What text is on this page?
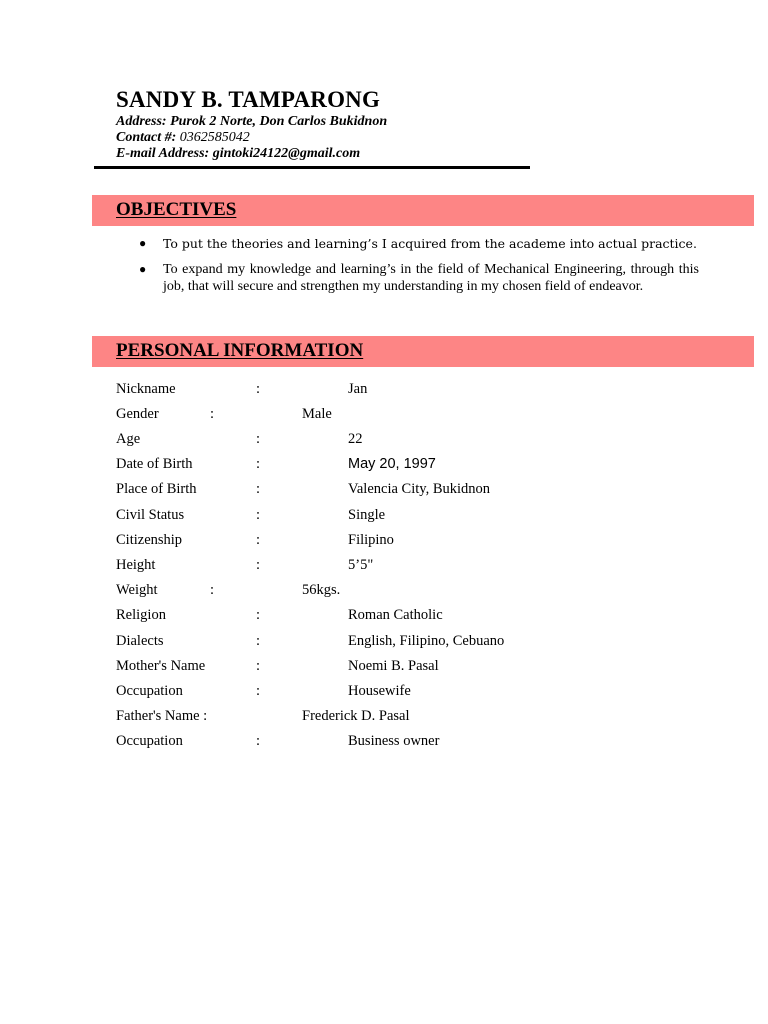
SANDY B. TAMPARONG
Address: Purok 2 Norte, Don Carlos Bukidnon
Contact #: 0362585042
E-mail Address: gintoki24122@gmail.com
OBJECTIVES
● To put the theories and learning’s I acquired from the academe into actual practice.
● To expand my knowledge and learning’s in the field of Mechanical Engineering, through this job, that will secure and strengthen my understanding in my chosen field of endeavor.
PERSONAL INFORMATION
Nickname	:	Jan
Gender	:	Male
Age	:	22
Date of Birth	:	May 20, 1997
Place of Birth	:	Valencia City, Bukidnon
Civil Status	:	Single
Citizenship	:	Filipino
Height	:	5’5"
Weight	:	56kgs.
Religion	:	Roman Catholic
Dialects	:	English, Filipino, Cebuano
Mother's Name	:	Noemi B. Pasal
Occupation	:	Housewife
Father's Name :	Frederick D. Pasal
Occupation	:	Business owner
